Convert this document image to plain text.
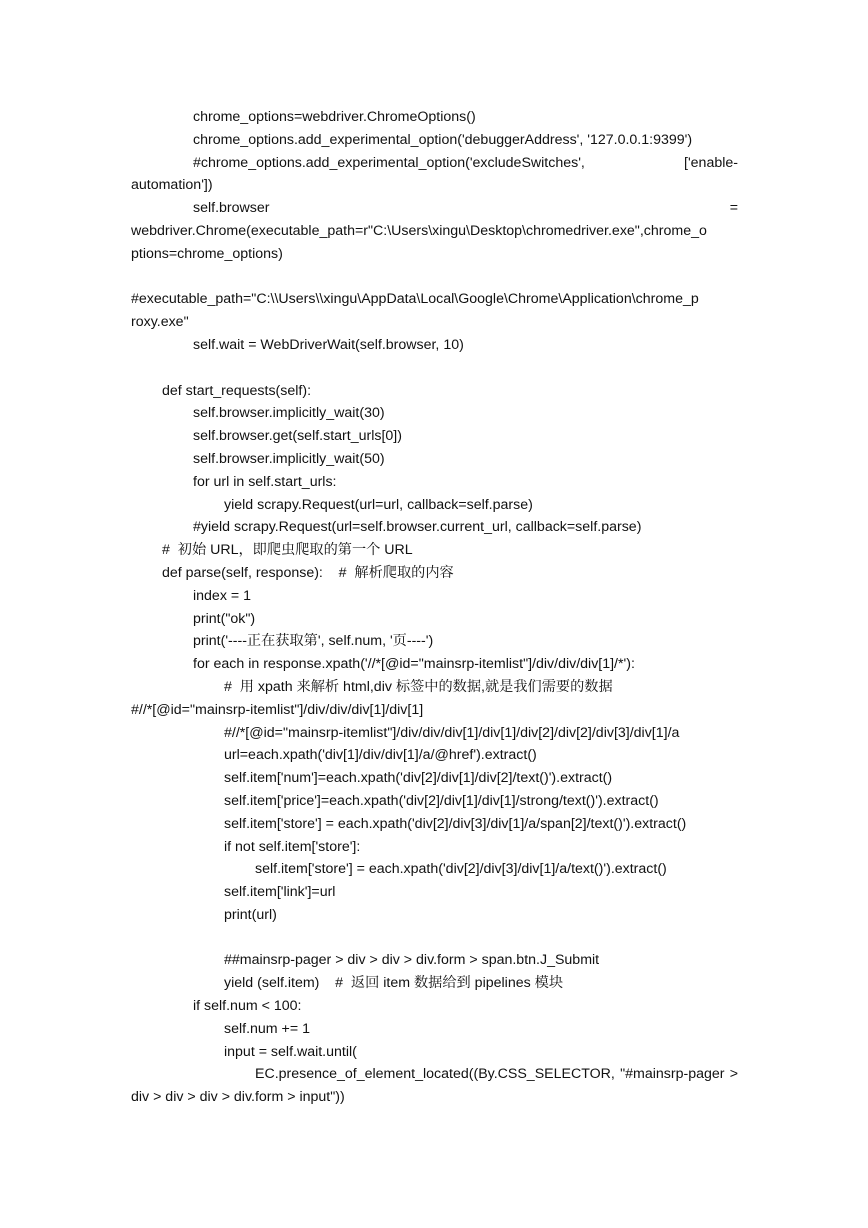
chrome_options=webdriver.ChromeOptions()
chrome_options.add_experimental_option('debuggerAddress', '127.0.0.1:9399')
#chrome_options.add_experimental_option('excludeSwitches',	['enable-
automation'])
self.browser	=
webdriver.Chrome(executable_path=r"C:\Users\xingu\Desktop\chromedriver.exe",chrome_o
ptions=chrome_options)
#executable_path="C:\\Users\\xingu\AppData\Local\Google\Chrome\Application\chrome_p
roxy.exe"
self.wait = WebDriverWait(self.browser, 10)
def start_requests(self):
self.browser.implicitly_wait(30)
self.browser.get(self.start_urls[0])
self.browser.implicitly_wait(50)
for url in self.start_urls:
yield scrapy.Request(url=url, callback=self.parse)
#yield scrapy.Request(url=self.browser.current_url, callback=self.parse)
#  初始 URL，即爬虫爬取的第一个 URL
def parse(self, response):    #  解析爬取的内容
index = 1
print("ok")
print('----正在获取第', self.num, '页----')
for each in response.xpath('//*[@id="mainsrp-itemlist"]/div/div/div[1]/*'):
#  用 xpath 来解析 html,div 标签中的数据,就是我们需要的数据
#//*[@id="mainsrp-itemlist"]/div/div/div[1]/div[1]
#//*[@id="mainsrp-itemlist"]/div/div/div[1]/div[1]/div[2]/div[2]/div[3]/div[1]/a
url=each.xpath('div[1]/div/div[1]/a/@href').extract()
self.item['num']=each.xpath('div[2]/div[1]/div[2]/text()').extract()
self.item['price']=each.xpath('div[2]/div[1]/div[1]/strong/text()').extract()
self.item['store'] = each.xpath('div[2]/div[3]/div[1]/a/span[2]/text()').extract()
if not self.item['store']:
self.item['store'] = each.xpath('div[2]/div[3]/div[1]/a/text()').extract()
self.item['link']=url
print(url)
##mainsrp-pager > div > div > div.form > span.btn.J_Submit
yield (self.item)    #  返回 item 数据给到 pipelines 模块
if self.num < 100:
self.num += 1
input = self.wait.until(
EC.presence_of_element_located((By.CSS_SELECTOR, "#mainsrp-pager >
div > div > div > div.form > input"))
